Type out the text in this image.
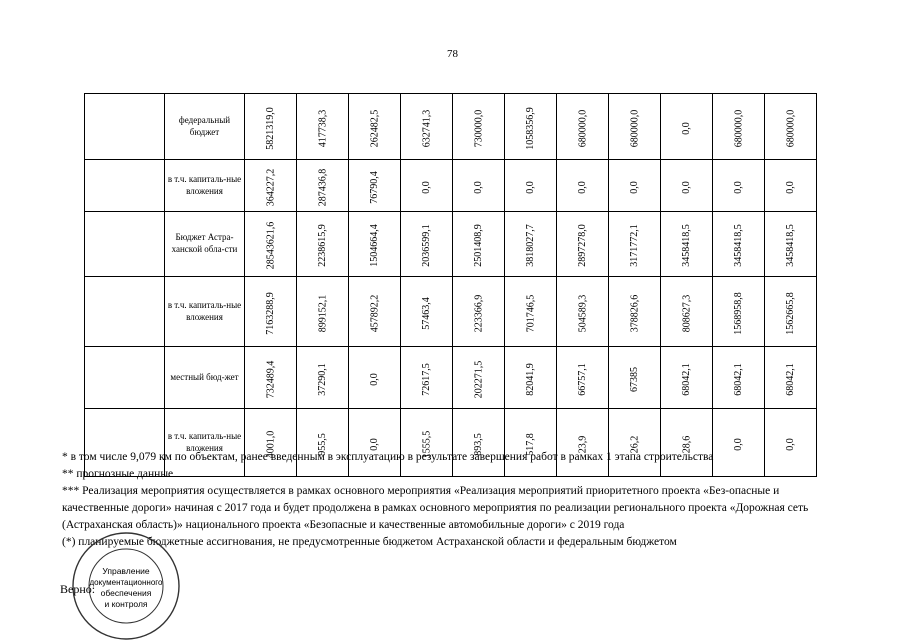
78
	федеральный бюджет	5821319,0	417738,3	262482,5	632741,3	730000,0	1058356,9	680000,0	680000,0	0,0	680000,0	680000,0
	в т.ч. капиталь-ные вложения	364227,2	287436,8	76790,4	0,0	0,0	0,0	0,0	0,0	0,0	0,0	0,0
	Бюджет Астра-ханской обла-сти	28543621,6	2238615,9	1504664,4	2036599,1	2501408,9	3818027,7	2897278,0	3171772,1	3458418,5	3458418,5	3458418,5
	в т.ч. капиталь-ные вложения	7163288,9	899152,1	457892,2	57463,4	223366,9	701746,5	504589,3	378826,6	808627,3	1568958,8	1562665,8
	местный бюд-жет	732489,4	37290,1	0,0	72617,5	202271,5	82041,9	66757,1	67385	68042,1	68042,1	68042,1
	в т.ч. капиталь-ные вложения	4001,0	955,5	0,0	1555,5	893,5	517,8	23,9	26,2	28,6	0,0	0,0

* в том числе 9,079 км по объектам, ранее введенным в эксплуатацию в результате завершения работ в рамках 1 этапа строительства

** прогнозные данные

*** Реализация мероприятия осуществляется в рамках основного мероприятия «Реализация мероприятий приоритетного проекта «Без-опасные и качественные дороги» начиная с 2017 года и будет продолжена в рамках основного мероприятия по реализации регионального проекта «Дорожная сеть (Астраханская область)» национального проекта «Безопасные и качественные автомобильные дороги» с 2019 года

(*) планируемые бюджетные ассигнования, не предусмотренные бюджетом Астраханской области и федеральным бюджетом

Управление
документационного
обеспечения
и контроля
Верно:
